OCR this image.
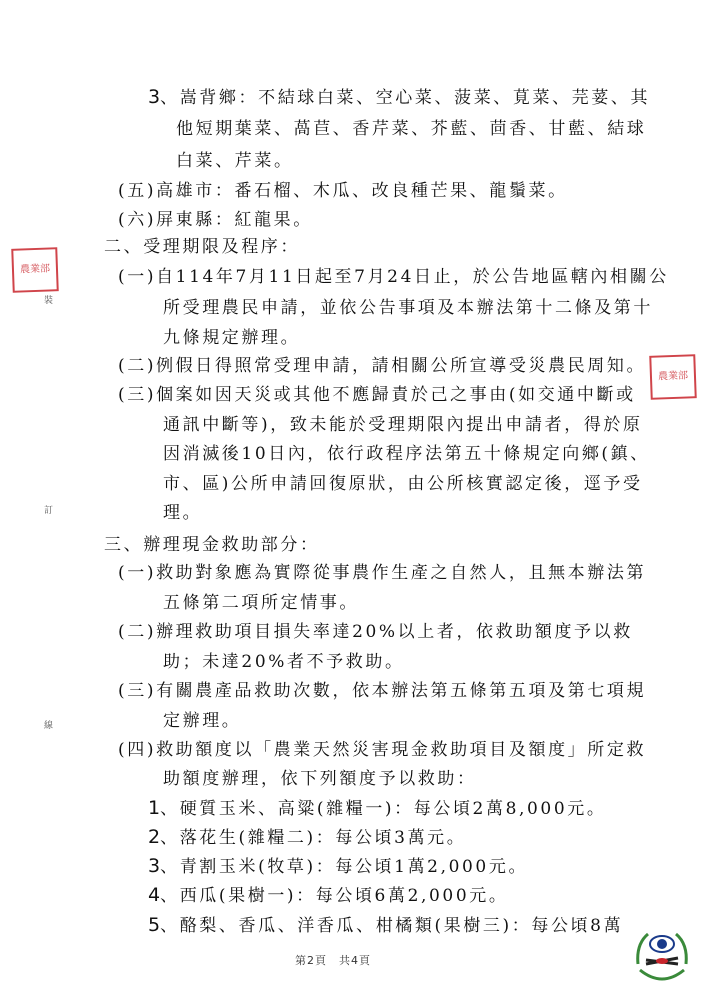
3、嵩背鄉：不結球白菜、空心菜、菠菜、莧菜、芫荽、其
他短期葉菜、萵苣、香芹菜、芥藍、茴香、甘藍、結球
白菜、芹菜。
(五)高雄市：番石榴、木瓜、改良種芒果、龍鬚菜。
(六)屏東縣：紅龍果。
二、受理期限及程序：
(一)自114年7月11日起至7月24日止，於公告地區轄內相關公
所受理農民申請，並依公告事項及本辦法第十二條及第十
九條規定辦理。
(二)例假日得照常受理申請，請相關公所宣導受災農民周知。
(三)個案如因天災或其他不應歸責於己之事由(如交通中斷或
通訊中斷等)，致未能於受理期限內提出申請者，得於原
因消滅後10日內，依行政程序法第五十條規定向鄉(鎮、
市、區)公所申請回復原狀，由公所核實認定後，逕予受
理。
三、辦理現金救助部分：
(一)救助對象應為實際從事農作生產之自然人，且無本辦法第
五條第二項所定情事。
(二)辦理救助項目損失率達20%以上者，依救助額度予以救
助；未達20%者不予救助。
(三)有關農產品救助次數，依本辦法第五條第五項及第七項規
定辦理。
(四)救助額度以「農業天然災害現金救助項目及額度」所定救
助額度辦理，依下列額度予以救助：
1、硬質玉米、高粱(雜糧一)：每公頃2萬8,000元。
2、落花生(雜糧二)：每公頃3萬元。
3、青割玉米(牧草)：每公頃1萬2,000元。
4、西瓜(果樹一)：每公頃6萬2,000元。
5、酪梨、香瓜、洋香瓜、柑橘類(果樹三)：每公頃8萬
裝
訂
線
農業部
農業部
第2頁　共4頁
